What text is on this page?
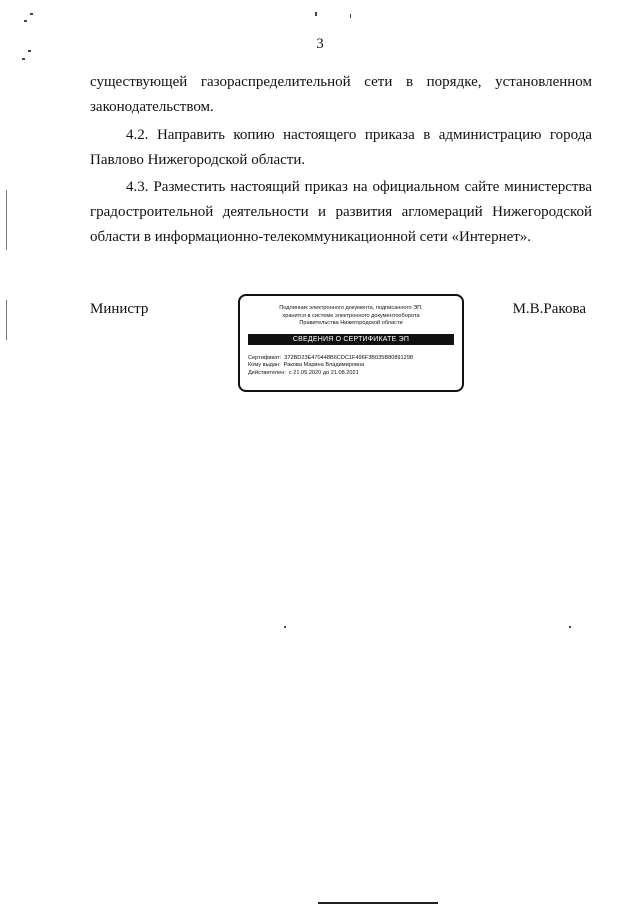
3
существующей газораспределительной сети в порядке, установленном
законодательством.
4.2. Направить копию настоящего приказа в администрацию города
Павлово Нижегородской области.
4.3. Разместить настоящий приказ на официальном сайте министерства
градостроительной деятельности и развития агломераций Нижегородской
области в информационно-телекоммуникационной сети «Интернет».
Министр	М.В.Ракова
Подлинник электронного документа, подписанного ЭП,
хранится в системе электронного документооборота
Правительства Нижегородской области
СВЕДЕНИЯ О СЕРТИФИКАТЕ ЭП
Сертификат: 372BD23E470448B6CDC1F496F3B035B80891298
Кому выдан: Ракова Марина Владимировна
Действителен: с 21.05.2020 до 21.08.2021
